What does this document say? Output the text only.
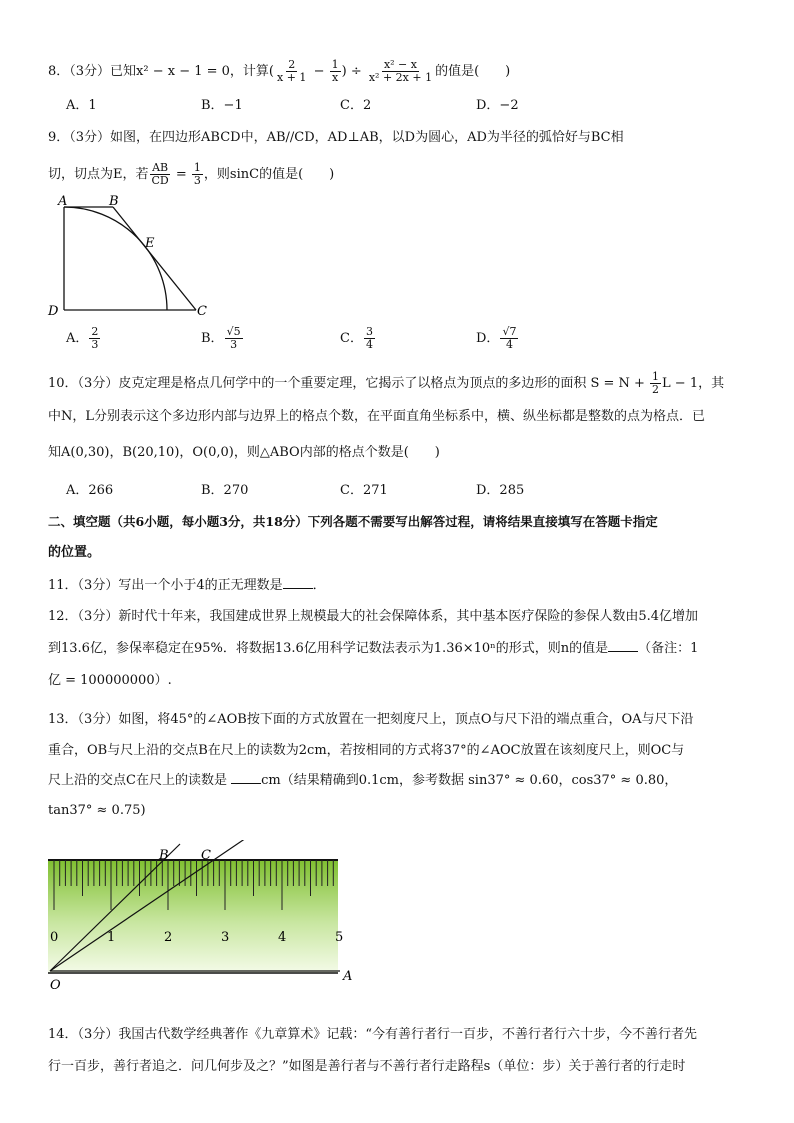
8．（3分）已知x² − x − 1 = 0，计算( $\frac{2}{x + 1} - \frac{1}{x}$ ) ÷ $\frac{\text{x² − x}}{\text{x² + 2x + 1}}$ 的值是(　　)
A．1	B．−1	C．2	D．−2
9．（3分）如图，在四边形ABCD中，AB//CD，AD⊥AB，以D为圆心，AD为半径的弧恰好与BC相
切，切点为E，若 $\frac{AB}{CD} = \frac{1}{3}$ ，则sinC的值是(　　)
A	B
E
D	C
A． $\frac{2}{3}$	B． $\frac{√5}{3}$	C． $\frac{3}{4}$	D． $\frac{√7}{4}$
10．（3分）皮克定理是格点几何学中的一个重要定理，它揭示了以格点为顶点的多边形的面积 $S = N + \frac{1}{2}$ L − 1，其
中N，L分别表示这个多边形内部与边界上的格点个数，在平面直角坐标系中，横、纵坐标都是整数的点为格点．已
知A(0,30)，B(20,10)，O(0,0)，则△ABO内部的格点个数是(　　)
A．266	B．270	C．271	D．285
二、填空题（共6小题，每小题3分，共18分）下列各题不需要写出解答过程，请将结果直接填写在答题卡指定
的位置。
11．（3分）写出一个小于4的正无理数是 ．
12．（3分）新时代十年来，我国建成世界上规模最大的社会保障体系，其中基本医疗保险的参保人数由5.4亿增加
到13.6亿，参保率稳定在95%．将数据13.6亿用科学记数法表示为1.36×10ⁿ的形式，则n的值是 （备注：1
亿 = 100000000）.
13．（3分）如图，将45°的∠AOB按下面的方式放置在一把刻度尺上，顶点O与尺下沿的端点重合，OA与尺下沿
重合，OB与尺上沿的交点B在尺上的读数为2cm，若按相同的方式将37°的∠AOC放置在该刻度尺上，则OC与
尺上沿的交点C在尺上的读数是 cm（结果精确到0.1cm，参考数据 sin37° ≈ 0.60，cos37° ≈ 0.80，
tan37° ≈ 0.75)
0	1	2	3	4	5
B C
O
A
14．（3分）我国古代数学经典著作《九章算术》记载：“今有善行者行一百步，不善行者行六十步，今不善行者先
行一百步，善行者追之．问几何步及之？”如图是善行者与不善行者行走路程s（单位：步）关于善行者的行走时
